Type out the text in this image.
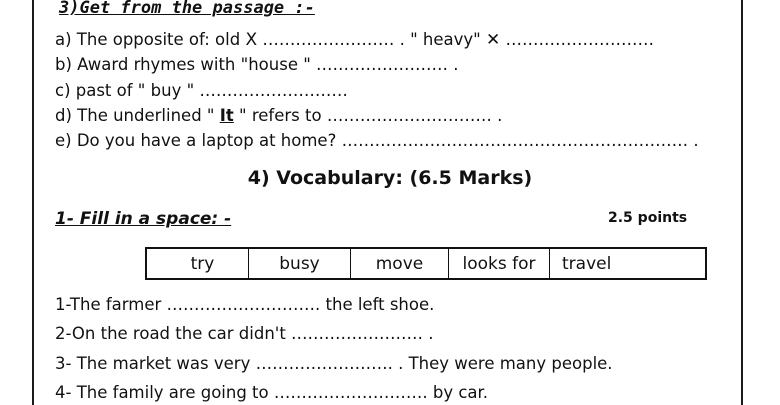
3)Get from the passage :-
a) The opposite of: old X …………………… . " heavy" ✕ ………………………
b) Award rhymes with "house " …………………… .
c) past of " buy " ………………………
d) The underlined " It " refers to ………………………… .
e) Do you have a laptop at home? ……………………………………………………… .
4) Vocabulary: (6.5 Marks)
1- Fill in a space: -	2.5 points
try	busy	move	looks for	travel
1-The farmer ………………………. the left shoe.
2-On the road the car didn't …………………… .
3- The market was very ……………………. . They were many people.
4- The family are going to ………………………. by car.
